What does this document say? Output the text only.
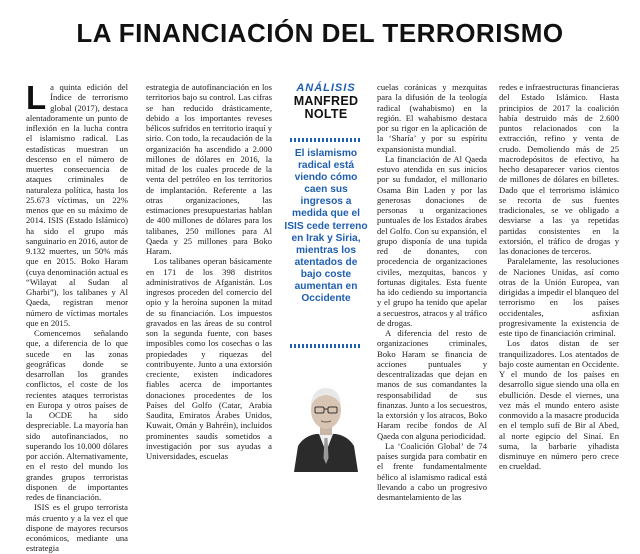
LA FINANCIACIÓN DEL TERRORISMO

La quinta edición del Índice de terrorismo global (2017), destaca alentadoramente un punto de inflexión en la lucha contra el islamismo radical. Las estadísticas muestran un descenso en el número de muertes consecuencia de ataques criminales de naturaleza política, hasta los 25.673 víctimas, un 22% menos que en su máximo de 2014. ISIS (Estado Islámico) ha sido el grupo más sanguinario en 2016, autor de 9.132 muertes, un 50% más que en 2015. Boko Haram (cuya denominación actual es “Wilayat al Sudan al Gharbi”), los talibanes y Al Qaeda, registran menor número de víctimas mortales que en 2015.

Comencemos señalando que, a diferencia de lo que sucede en las zonas geográficas donde se desarrollan los grandes conflictos, el coste de los recientes ataques terroristas en Europa y otros países de la OCDE ha sido despreciable. La mayoría han sido autofinanciados, no superando los 10.000 dólares por acción. Alternativamente, en el resto del mundo los grandes grupos terroristas disponen de importantes redes de financiación.

ISIS es el grupo terrorista más cruento y a la vez el que dispone de mayores recursos económicos, mediante una estrategia

estrategia de autofinanciación en los territorios bajo su control. Las cifras se han reducido drásticamente, debido a los importantes reveses bélicos sufridos en territorio iraquí y sirio. Con todo, la recaudación de la organización ha ascendido a 2.000 millones de dólares en 2016, la mitad de los cuales procede de la venta del petróleo en los territorios de implantación. Referente a las otras organizaciones, las estimaciones presupuestarias hablan de 400 millones de dólares para los talibanes, 250 millones para Al Qaeda y 25 millones para Boko Haram.

Los talibanes operan básicamente en 171 de los 398 distritos administrativos de Afganistán. Los ingresos proceden del comercio del opio y la heroína suponen la mitad de su financiación. Los impuestos gravados en las áreas de su control son la segunda fuente, con bases imposibles como los cosechas o las propiedades y riquezas del contribuyente. Junto a una extorsión creciente, existen indicadores fiables acerca de importantes donaciones procedentes de los Países del Golfo (Catar, Arabia Saudita, Emiratos Árabes Unidos, Kuwait, Omán y Bahréin), incluidos prominentes saudís sometidos a investigación por sus ayudas a Universidades, escuelas

ANÁLISIS
MANFRED NOLTE
El islamismo radical está viendo cómo caen sus ingresos a medida que el ISIS cede terreno en Irak y Siria, mientras los atentados de bajo coste aumentan en Occidente

cuelas coránicas y mezquitas para la difusión de la teología radical (wahabismo) en la región. El wahabismo destaca por su rigor en la aplicación de la ‘Sharía’ y por su espíritu expansionista mundial.

La financiación de Al Qaeda estuvo atendida en sus inicios por su fundador, el millonario Osama Bin Laden y por las generosas donaciones de personas u organizaciones puntuales de los Estados árabes del Golfo. Con su expansión, el grupo disponía de una tupida red de donantes, con procedencia de organizaciones civiles, mezquitas, bancos y fortunas digitales. Esta fuente ha ido cediendo su importancia y el grupo ha tenido que apelar a secuestros, atracos y al tráfico de drogas.

A diferencia del resto de organizaciones criminales, Boko Haram se financia de acciones puntuales y descentralizadas que dejan en manos de sus comandantes la responsabilidad de sus finanzas. Junto a los secuestros, la extorsión y los atracos, Boko Haram recibe fondos de Al Qaeda con alguna periodicidad.

La ‘Coalición Global’ de 74 países surgida para combatir en el frente fundamentalmente bélico al islamismo radical está llevando a cabo un progresivo desmantelamiento de las

redes e infraestructuras financieras del Estado Islámico. Hasta principios de 2017 la coalición había destruido más de 2.600 puntos relacionados con la extracción, refino y venta de crudo. Demoliendo más de 25 macrodepósitos de efectivo, ha hecho desaparecer varios cientos de millones de dólares en billetes. Dado que el terrorismo islámico se recorta de sus fuentes tradicionales, se ve obligado a desviarse a las ya repetidas partidas consistentes en la extorsión, el tráfico de drogas y las donaciones de terceros.

Paralelamente, las resoluciones de Naciones Unidas, así como otras de la Unión Europea, van dirigidas a impedir el blanqueo del terrorismo en los países occidentales, asfixian progresivamente la existencia de este tipo de financiación criminal.

Los datos distan de ser tranquilizadores. Los atentados de bajo coste aumentan en Occidente. Y el mundo de los países en desarrollo sigue siendo una olla en ebullición. Desde el viernes, una vez más el mundo entero asiste conmovido a la masacre producida en el templo sufí de Bir al Abed, al norte egipcio del Sinaí. En suma, la barbarie yihadista disminuye en número pero crece en crueldad.
